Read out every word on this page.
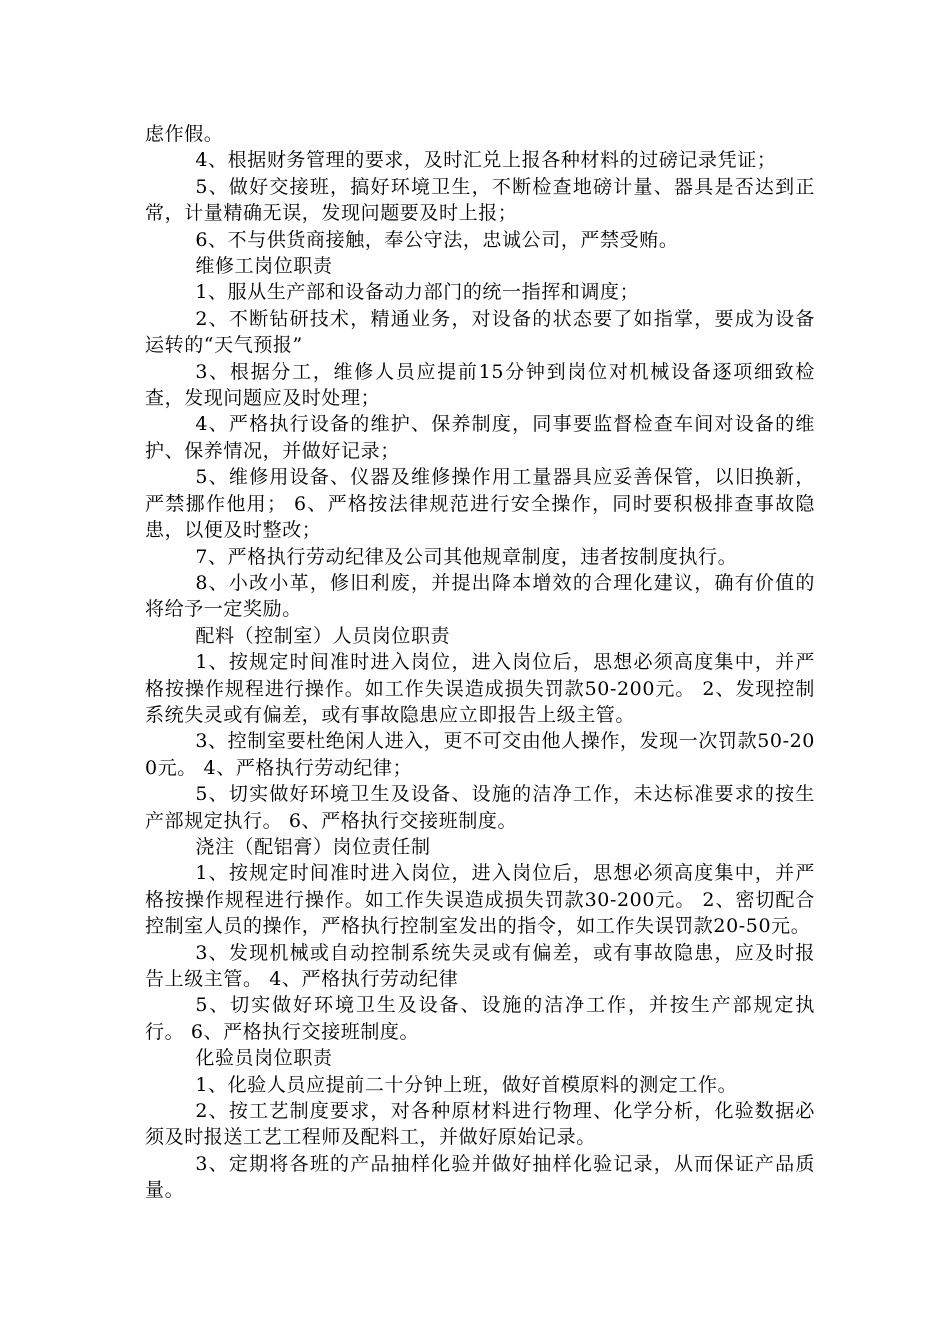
虑作假。

4、根据财务管理的要求，及时汇兑上报各种材料的过磅记录凭证；

5、做好交接班，搞好环境卫生，不断检查地磅计量、器具是否达到正常，计量精确无误，发现问题要及时上报；

6、不与供货商接触，奉公守法，忠诚公司，严禁受贿。

维修工岗位职责

1、服从生产部和设备动力部门的统一指挥和调度；

2、不断钻研技术，精通业务，对设备的状态要了如指掌，要成为设备运转的“天气预报”

3、根据分工，维修人员应提前15分钟到岗位对机械设备逐项细致检查，发现问题应及时处理；

4、严格执行设备的维护、保养制度，同事要监督检查车间对设备的维护、保养情况，并做好记录；

5、维修用设备、仪器及维修操作用工量器具应妥善保管，以旧换新，严禁挪作他用； 6、严格按法律规范进行安全操作，同时要积极排查事故隐患，以便及时整改；

7、严格执行劳动纪律及公司其他规章制度，违者按制度执行。

8、小改小革，修旧利废，并提出降本增效的合理化建议，确有价值的将给予一定奖励。

配料（控制室）人员岗位职责

1、按规定时间准时进入岗位，进入岗位后，思想必须高度集中，并严格按操作规程进行操作。如工作失误造成损失罚款50-200元。 2、发现控制系统失灵或有偏差，或有事故隐患应立即报告上级主管。

3、控制室要杜绝闲人进入，更不可交由他人操作，发现一次罚款50-200元。 4、严格执行劳动纪律；

5、切实做好环境卫生及设备、设施的洁净工作，未达标准要求的按生产部规定执行。 6、严格执行交接班制度。

浇注（配铝膏）岗位责任制

1、按规定时间准时进入岗位，进入岗位后，思想必须高度集中，并严格按操作规程进行操作。如工作失误造成损失罚款30-200元。 2、密切配合控制室人员的操作，严格执行控制室发出的指令，如工作失误罚款20-50元。

3、发现机械或自动控制系统失灵或有偏差，或有事故隐患，应及时报告上级主管。 4、严格执行劳动纪律

5、切实做好环境卫生及设备、设施的洁净工作，并按生产部规定执行。 6、严格执行交接班制度。

化验员岗位职责

1、化验人员应提前二十分钟上班，做好首模原料的测定工作。

2、按工艺制度要求，对各种原材料进行物理、化学分析，化验数据必须及时报送工艺工程师及配料工，并做好原始记录。

3、定期将各班的产品抽样化验并做好抽样化验记录，从而保证产品质量。
